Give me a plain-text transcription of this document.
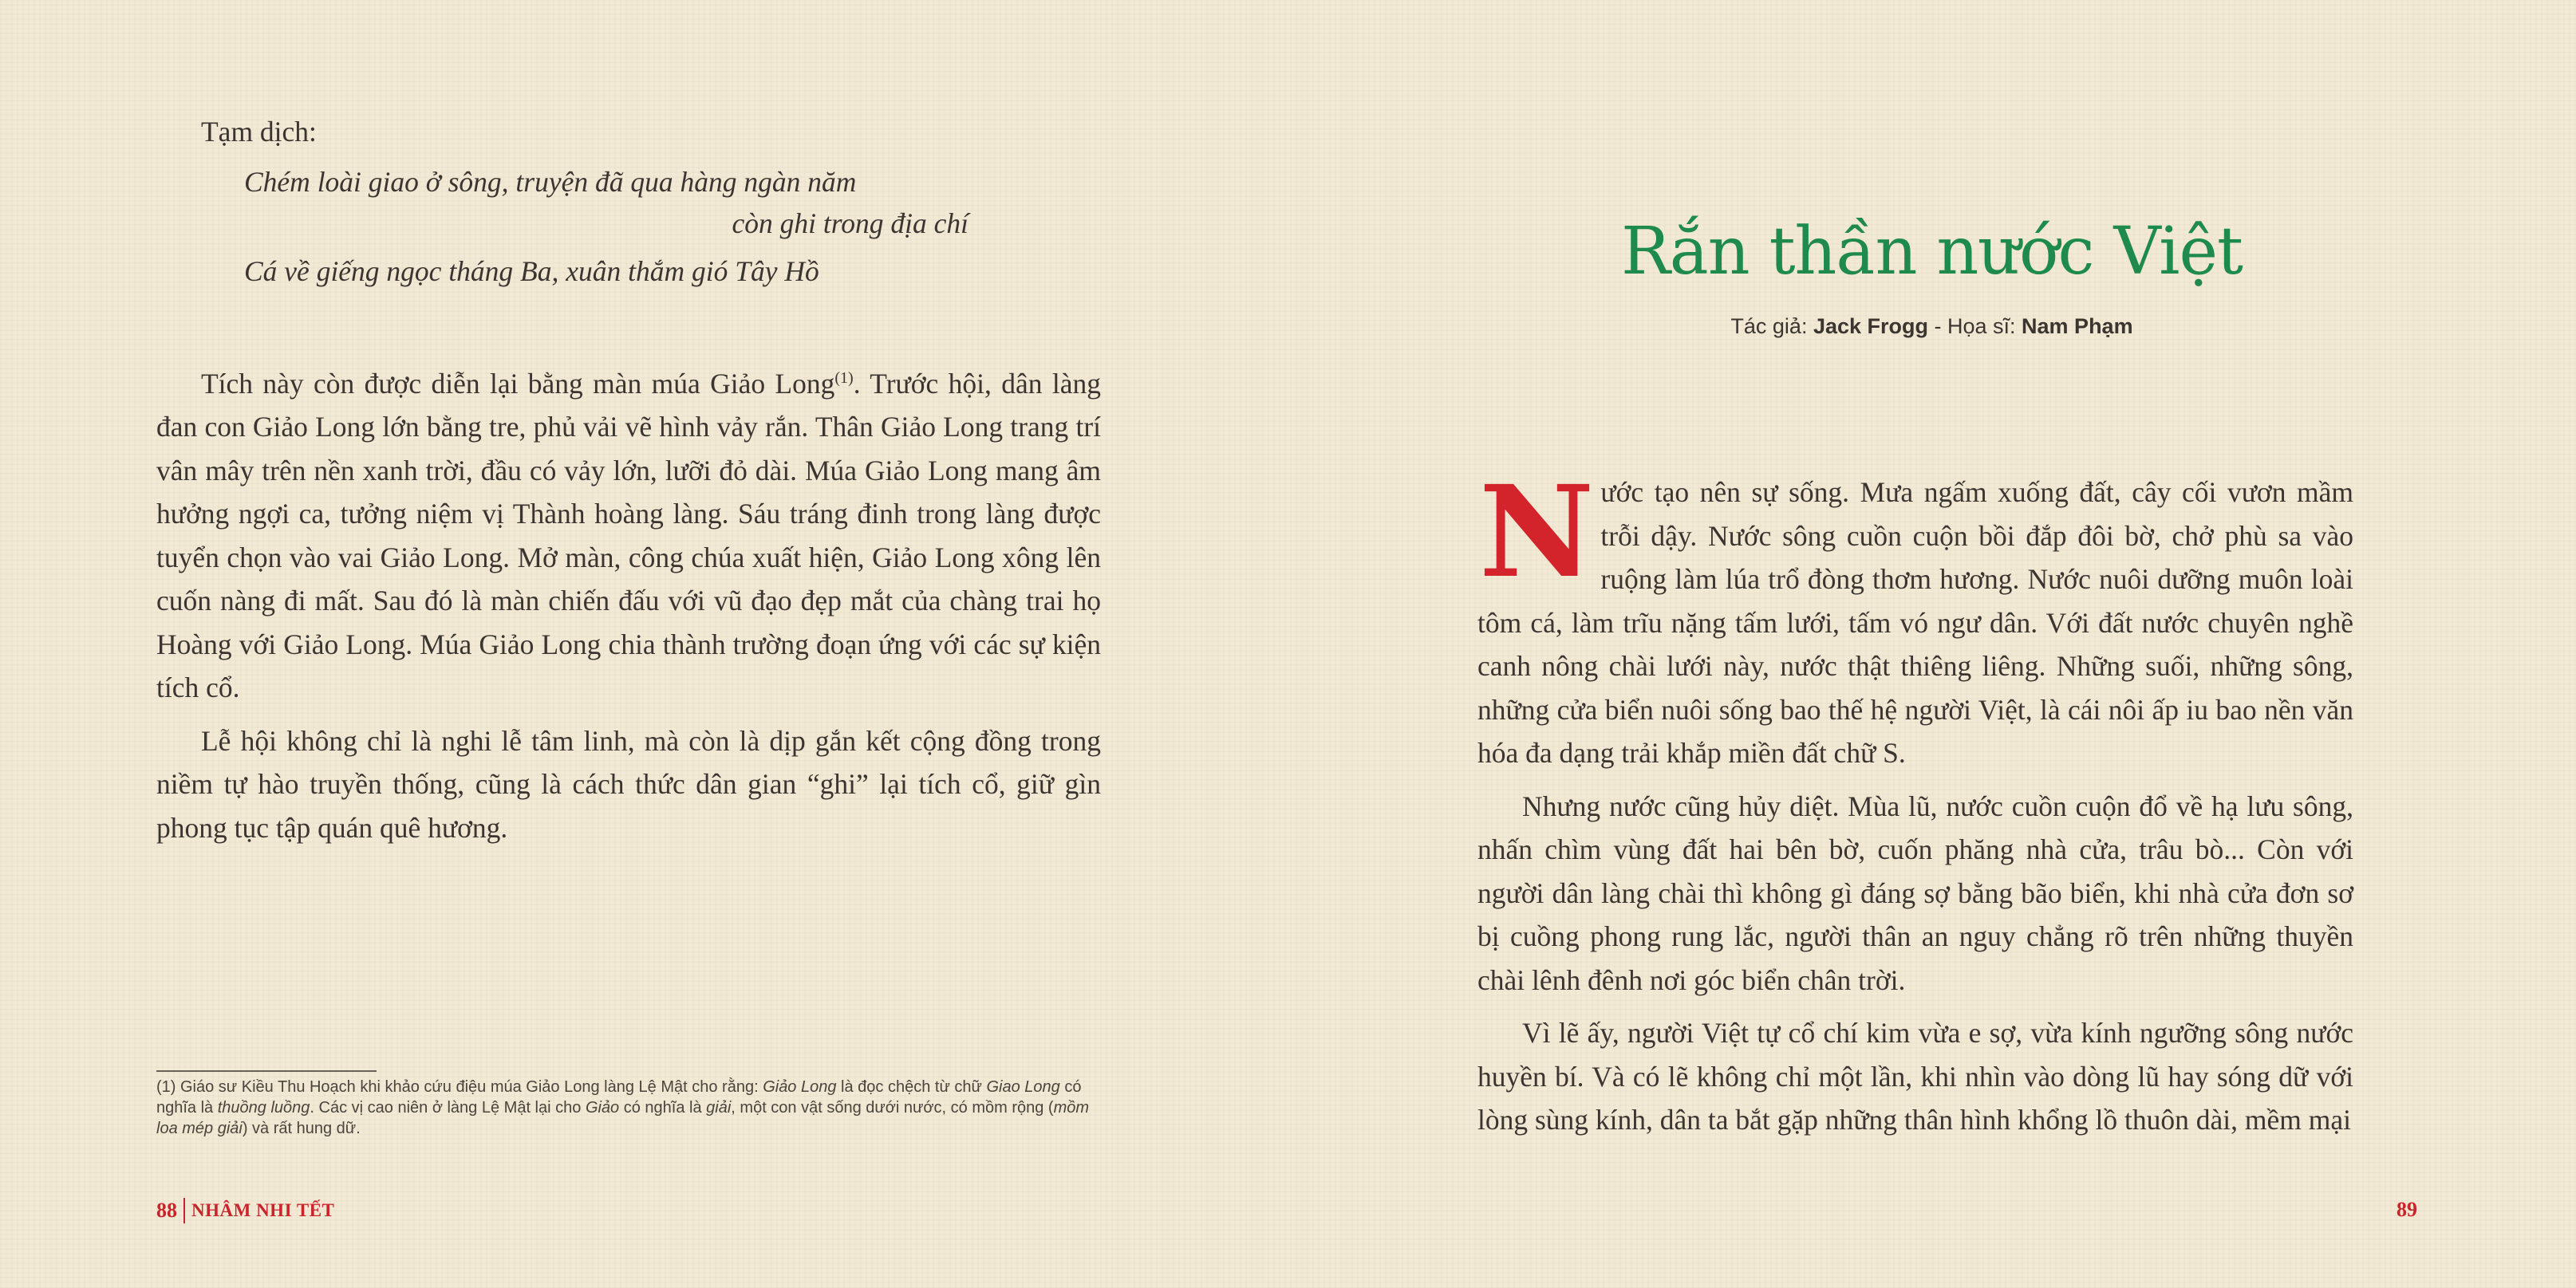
Tạm dịch:
Chém loài giao ở sông, truyện đã qua hàng ngàn năm
còn ghi trong địa chí
Cá về giếng ngọc tháng Ba, xuân thắm gió Tây Hồ

Tích này còn được diễn lại bằng màn múa Giảo Long$^{(1)}$. Trước hội, dân làng đan con Giảo Long lớn bằng tre, phủ vải vẽ hình vảy rắn. Thân Giảo Long trang trí vân mây trên nền xanh trời, đầu có vảy lớn, lưỡi đỏ dài. Múa Giảo Long mang âm hưởng ngợi ca, tưởng niệm vị Thành hoàng làng. Sáu tráng đinh trong làng được tuyển chọn vào vai Giảo Long. Mở màn, công chúa xuất hiện, Giảo Long xông lên cuốn nàng đi mất. Sau đó là màn chiến đấu với vũ đạo đẹp mắt của chàng trai họ Hoàng với Giảo Long. Múa Giảo Long chia thành trường đoạn ứng với các sự kiện tích cổ.

Lễ hội không chỉ là nghi lễ tâm linh, mà còn là dịp gắn kết cộng đồng trong niềm tự hào truyền thống, cũng là cách thức dân gian “ghi” lại tích cổ, giữ gìn phong tục tập quán quê hương.

(1) Giáo sư Kiều Thu Hoạch khi khảo cứu điệu múa Giảo Long làng Lệ Mật cho rằng: Giảo Long là đọc chệch từ chữ Giao Long có nghĩa là thuồng luồng. Các vị cao niên ở làng Lệ Mật lại cho Giảo có nghĩa là giải, một con vật sống dưới nước, có mồm rộng (mồm loa mép giải) và rất hung dữ.
88 NHÂM NHI TẾT
Rắn thần nước Việt
Tác giả: Jack Frogg - Họa sĩ: Nam Phạm

Nước tạo nên sự sống. Mưa ngấm xuống đất, cây cối vươn mầm trỗi dậy. Nước sông cuồn cuộn bồi đắp đôi bờ, chở phù sa vào ruộng làm lúa trổ đòng thơm hương. Nước nuôi dưỡng muôn loài tôm cá, làm trĩu nặng tấm lưới, tấm vó ngư dân. Với đất nước chuyên nghề canh nông chài lưới này, nước thật thiêng liêng. Những suối, những sông, những cửa biển nuôi sống bao thế hệ người Việt, là cái nôi ấp iu bao nền văn hóa đa dạng trải khắp miền đất chữ S.

Nhưng nước cũng hủy diệt. Mùa lũ, nước cuồn cuộn đổ về hạ lưu sông, nhấn chìm vùng đất hai bên bờ, cuốn phăng nhà cửa, trâu bò... Còn với người dân làng chài thì không gì đáng sợ bằng bão biển, khi nhà cửa đơn sơ bị cuồng phong rung lắc, người thân an nguy chẳng rõ trên những thuyền chài lênh đênh nơi góc biển chân trời.

Vì lẽ ấy, người Việt tự cổ chí kim vừa e sợ, vừa kính ngưỡng sông nước huyền bí. Và có lẽ không chỉ một lần, khi nhìn vào dòng lũ hay sóng dữ với lòng sùng kính, dân ta bắt gặp những thân hình khổng lồ thuôn dài, mềm mại

89
